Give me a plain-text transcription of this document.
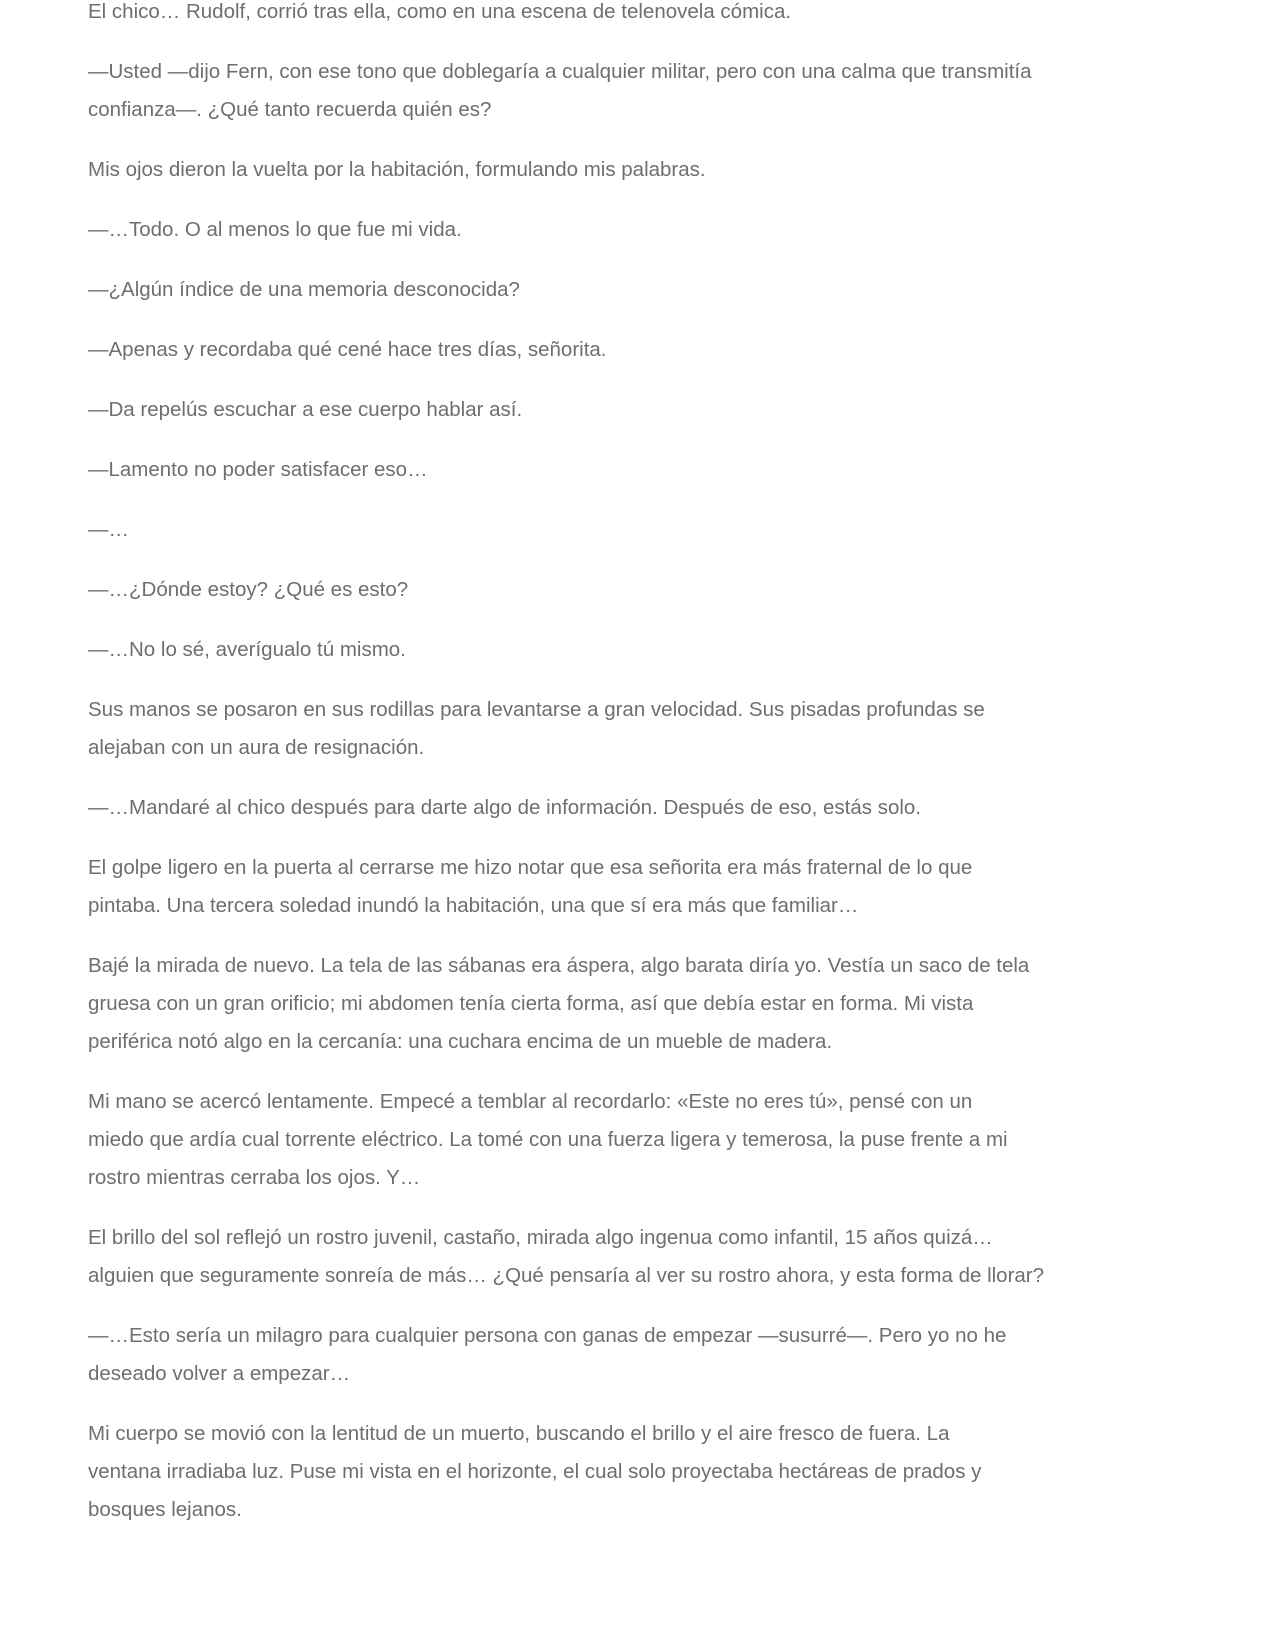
El chico… Rudolf, corrió tras ella, como en una escena de telenovela cómica.

—Usted —dijo Fern, con ese tono que doblegaría a cualquier militar, pero con una calma que transmitía
confianza—. ¿Qué tanto recuerda quién es?

Mis ojos dieron la vuelta por la habitación, formulando mis palabras.

—…Todo. O al menos lo que fue mi vida.

—¿Algún índice de una memoria desconocida?

—Apenas y recordaba qué cené hace tres días, señorita.

—Da repelús escuchar a ese cuerpo hablar así.

—Lamento no poder satisfacer eso…

—…

—…¿Dónde estoy? ¿Qué es esto?

—…No lo sé, averígualo tú mismo.

Sus manos se posaron en sus rodillas para levantarse a gran velocidad. Sus pisadas profundas se
alejaban con un aura de resignación.

—…Mandaré al chico después para darte algo de información. Después de eso, estás solo.

El golpe ligero en la puerta al cerrarse me hizo notar que esa señorita era más fraternal de lo que
pintaba. Una tercera soledad inundó la habitación, una que sí era más que familiar…

Bajé la mirada de nuevo. La tela de las sábanas era áspera, algo barata diría yo. Vestía un saco de tela
gruesa con un gran orificio; mi abdomen tenía cierta forma, así que debía estar en forma. Mi vista
periférica notó algo en la cercanía: una cuchara encima de un mueble de madera.

Mi mano se acercó lentamente. Empecé a temblar al recordarlo: «Este no eres tú», pensé con un
miedo que ardía cual torrente eléctrico. La tomé con una fuerza ligera y temerosa, la puse frente a mi
rostro mientras cerraba los ojos. Y…

El brillo del sol reflejó un rostro juvenil, castaño, mirada algo ingenua como infantil, 15 años quizá…
alguien que seguramente sonreía de más… ¿Qué pensaría al ver su rostro ahora, y esta forma de llorar?

—…Esto sería un milagro para cualquier persona con ganas de empezar —susurré—. Pero yo no he
deseado volver a empezar…

Mi cuerpo se movió con la lentitud de un muerto, buscando el brillo y el aire fresco de fuera. La
ventana irradiaba luz. Puse mi vista en el horizonte, el cual solo proyectaba hectáreas de prados y
bosques lejanos.
